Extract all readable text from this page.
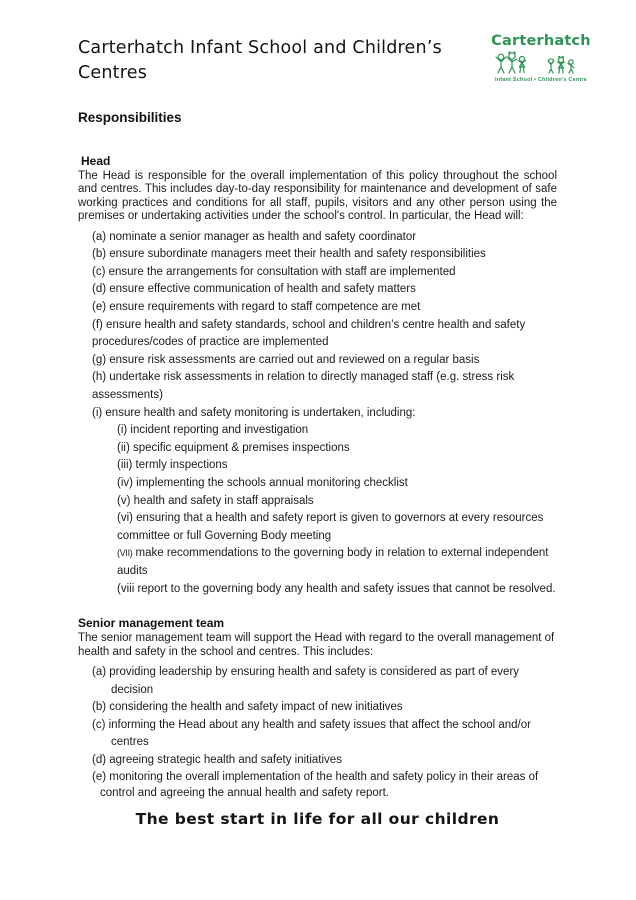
Carterhatch
Infant School • Children’s Centre
Carterhatch Infant School and Children’s Centres
Responsibilities
Head
The Head is responsible for the overall implementation of this policy throughout the school and centres. This includes day-to-day responsibility for maintenance and development of safe working practices and conditions for all staff, pupils, visitors and any other person using the premises or undertaking activities under the school's control. In particular, the Head will:
(a) nominate a senior manager as health and safety coordinator
(b) ensure subordinate managers meet their health and safety responsibilities
(c) ensure the arrangements for consultation with staff are implemented
(d) ensure effective communication of health and safety matters
(e) ensure requirements with regard to staff competence are met
(f) ensure health and safety standards, school and children’s centre health and safety procedures/codes of practice are implemented
(g) ensure risk assessments are carried out and reviewed on a regular basis
(h) undertake risk assessments in relation to directly managed staff (e.g. stress risk assessments)
(i) ensure health and safety monitoring is undertaken, including:
(i) incident reporting and investigation
(ii) specific equipment & premises inspections
(iii) termly inspections
(iv) implementing the schools annual monitoring checklist
(v) health and safety in staff appraisals
(vi) ensuring that a health and safety report is given to governors at every resources committee or full Governing Body meeting
(VII) make recommendations to the governing body in relation to external independent audits
(viii report to the governing body any health and safety issues that cannot be resolved.
Senior management team
The senior management team will support the Head with regard to the overall management of health and safety in the school and centres. This includes:
(a) providing leadership by ensuring health and safety is considered as part of every decision
(b) considering the health and safety impact of new initiatives
(c) informing the Head about any health and safety issues that affect the school and/or centres
(d) agreeing strategic health and safety initiatives
(e) monitoring the overall implementation of the health and safety policy in their areas of control and agreeing the annual health and safety report.
The best start in life for all our children
